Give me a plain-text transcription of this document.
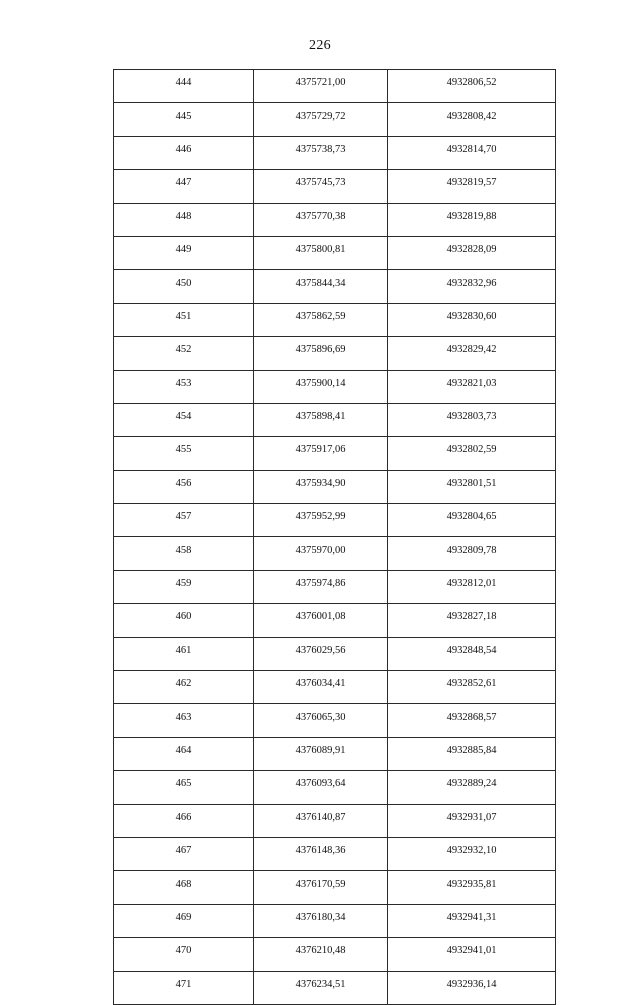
226
444	4375721,00	4932806,52
445	4375729,72	4932808,42
446	4375738,73	4932814,70
447	4375745,73	4932819,57
448	4375770,38	4932819,88
449	4375800,81	4932828,09
450	4375844,34	4932832,96
451	4375862,59	4932830,60
452	4375896,69	4932829,42
453	4375900,14	4932821,03
454	4375898,41	4932803,73
455	4375917,06	4932802,59
456	4375934,90	4932801,51
457	4375952,99	4932804,65
458	4375970,00	4932809,78
459	4375974,86	4932812,01
460	4376001,08	4932827,18
461	4376029,56	4932848,54
462	4376034,41	4932852,61
463	4376065,30	4932868,57
464	4376089,91	4932885,84
465	4376093,64	4932889,24
466	4376140,87	4932931,07
467	4376148,36	4932932,10
468	4376170,59	4932935,81
469	4376180,34	4932941,31
470	4376210,48	4932941,01
471	4376234,51	4932936,14
